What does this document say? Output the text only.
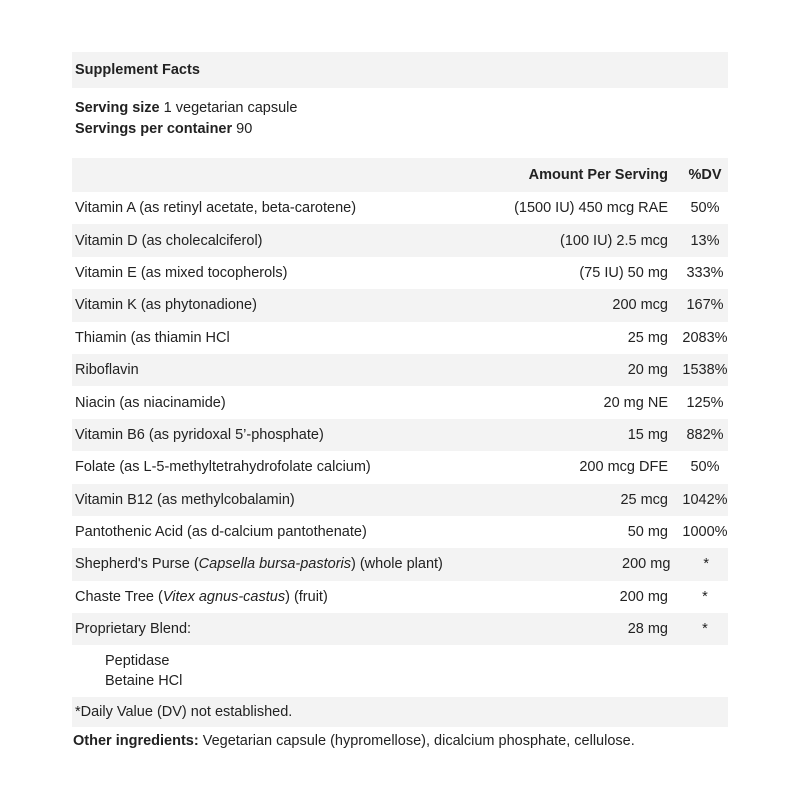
Supplement Facts
Serving size 1 vegetarian capsule
Servings per container 90
Amount Per Serving	%DV
Vitamin A (as retinyl acetate, beta-carotene)	(1500 IU) 450 mcg RAE	50%
Vitamin D (as cholecalciferol)	(100 IU) 2.5 mcg	13%
Vitamin E (as mixed tocopherols)	(75 IU) 50 mg	333%
Vitamin K (as phytonadione)	200 mcg	167%
Thiamin (as thiamin HCl	25 mg 2083%
Riboflavin	20 mg 1538%
Niacin (as niacinamide)	20 mg NE	125%
Vitamin B6 (as pyridoxal 5’-phosphate)	15 mg	882%
Folate (as L-5-methyltetrahydrofolate calcium)	200 mcg DFE	50%
Vitamin B12 (as methylcobalamin)	25 mcg 1042%
Pantothenic Acid (as d-calcium pantothenate)	50 mg 1000%
Shepherd's Purse (Capsella bursa-pastoris) (whole plant)	200 mg	*
Chaste Tree (Vitex agnus-castus) (fruit)	200 mg	*
Proprietary Blend:	28 mg	*
Peptidase
Betaine HCl
*Daily Value (DV) not established.
Other ingredients: Vegetarian capsule (hypromellose), dicalcium phosphate, cellulose.
